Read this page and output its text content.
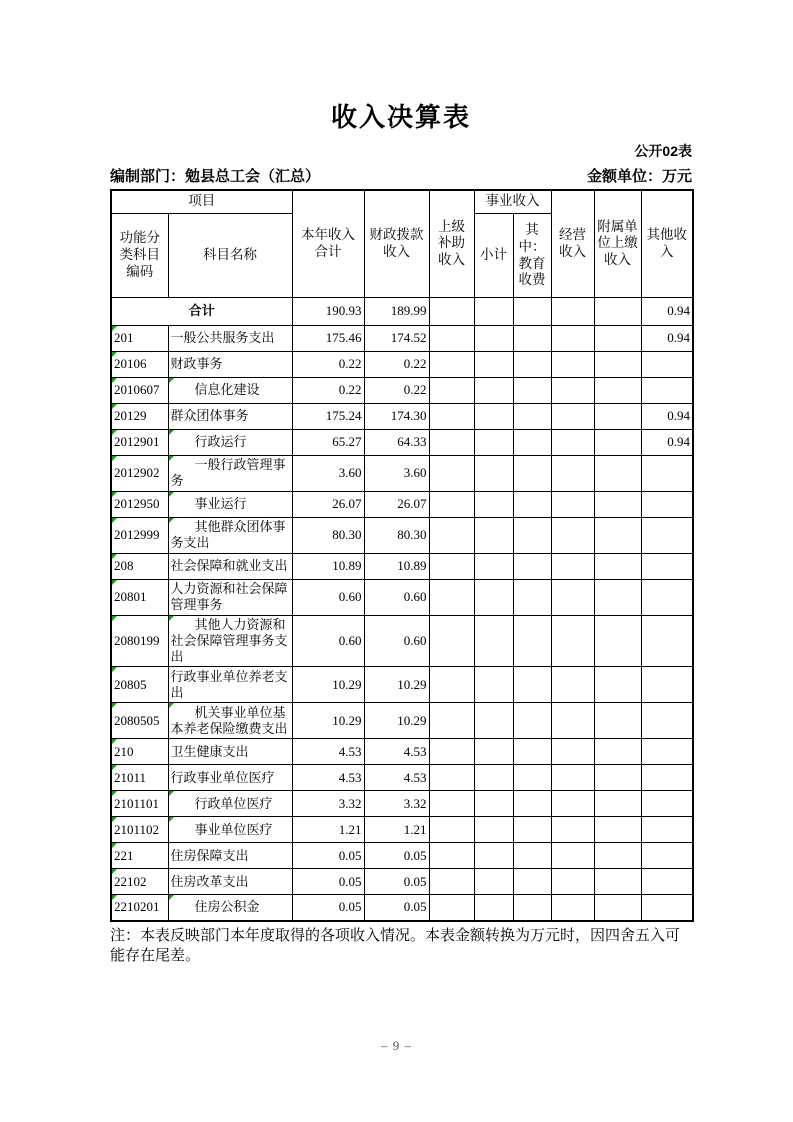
收入决算表
公开02表
编制部门：勉县总工会（汇总）	金额单位：万元
项目		本年收入合计	财政拨款收入	上级补助收入	事业收入		经营收入	附属单位上缴收入	其他收入
功能分类科目编码	科目名称				小计	其中：教育收费			
合计		190.93	189.99						0.94

201	一般公共服务支出	175.46	174.52						0.94

20106	财政事务	0.22	0.22						

2010607	信息化建设	0.22	0.22						

20129	群众团体事务	175.24	174.30						0.94

2012901	行政运行	65.27	64.33						0.94

2012902	一般行政管理事务	3.60	3.60						

2012950	事业运行	26.07	26.07						

2012999	其他群众团体事务支出	80.30	80.30						

208	社会保障和就业支出	10.89	10.89						

20801	人力资源和社会保障管理事务	0.60	0.60						

2080199	其他人力资源和社会保障管理事务支出	0.60	0.60						

20805	行政事业单位养老支出	10.29	10.29						

2080505	机关事业单位基本养老保险缴费支出	10.29	10.29						

210	卫生健康支出	4.53	4.53						

21011	行政事业单位医疗	4.53	4.53						

2101101	行政单位医疗	3.32	3.32						

2101102	事业单位医疗	1.21	1.21						

221	住房保障支出	0.05	0.05						

22102	住房改革支出	0.05	0.05						

2210201	住房公积金	0.05	0.05						
注：本表反映部门本年度取得的各项收入情况。本表金额转换为万元时，因四舍五入可能存在尾差。
– 9 –
